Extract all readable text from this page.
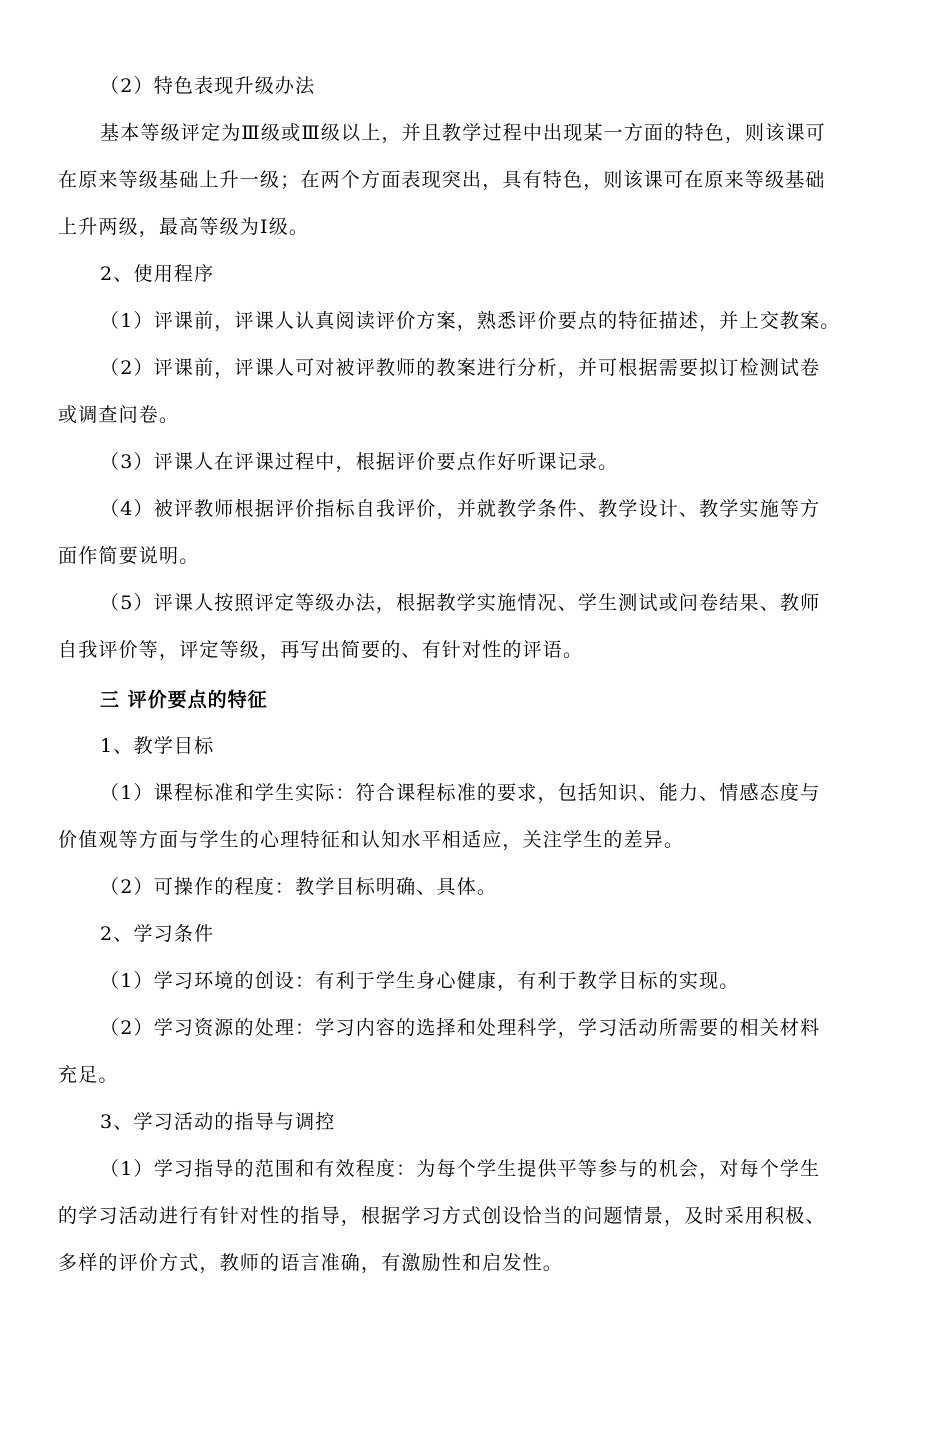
（2）特色表现升级办法
基本等级评定为Ⅲ级或Ⅲ级以上，并且教学过程中出现某一方面的特色，则该课可
在原来等级基础上升一级；在两个方面表现突出，具有特色，则该课可在原来等级基础
上升两级，最高等级为Ⅰ级。
2、使用程序
（1）评课前，评课人认真阅读评价方案，熟悉评价要点的特征描述，并上交教案。
（2）评课前，评课人可对被评教师的教案进行分析，并可根据需要拟订检测试卷
或调查问卷。
（3）评课人在评课过程中，根据评价要点作好听课记录。
（4）被评教师根据评价指标自我评价，并就教学条件、教学设计、教学实施等方
面作简要说明。
（5）评课人按照评定等级办法，根据教学实施情况、学生测试或问卷结果、教师
自我评价等，评定等级，再写出简要的、有针对性的评语。
三 评价要点的特征
1、教学目标
（1）课程标准和学生实际：符合课程标准的要求，包括知识、能力、情感态度与
价值观等方面与学生的心理特征和认知水平相适应，关注学生的差异。
（2）可操作的程度：教学目标明确、具体。
2、学习条件
（1）学习环境的创设：有利于学生身心健康，有利于教学目标的实现。
（2）学习资源的处理：学习内容的选择和处理科学，学习活动所需要的相关材料
充足。
3、学习活动的指导与调控
（1）学习指导的范围和有效程度：为每个学生提供平等参与的机会，对每个学生
的学习活动进行有针对性的指导，根据学习方式创设恰当的问题情景，及时采用积极、
多样的评价方式，教师的语言准确，有激励性和启发性。
